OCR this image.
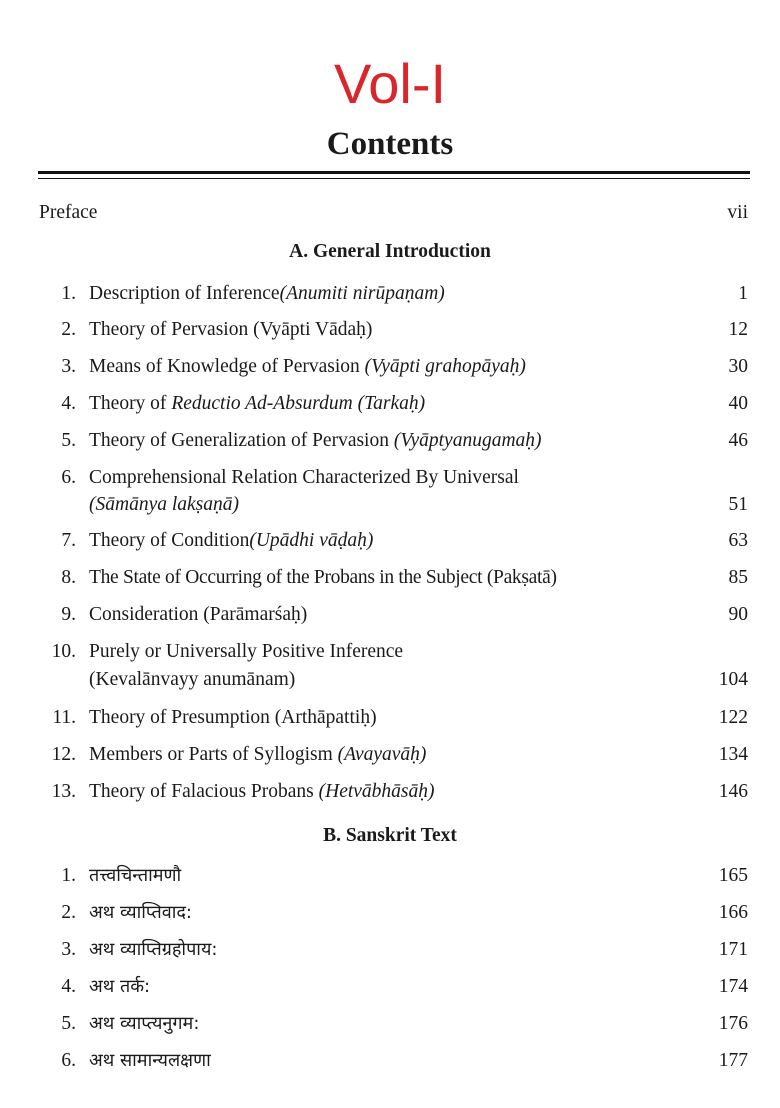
Vol-I
Contents
Preface	vii
A. General Introduction
1. Description of Inference(Anumiti nirūpaṇam)	1
2. Theory of Pervasion (Vyāpti Vādaḥ)	12
3. Means of Knowledge of Pervasion (Vyāpti grahopāyaḥ)	30
4. Theory of Reductio Ad-Absurdum (Tarkaḥ)	40
5. Theory of Generalization of Pervasion (Vyāptyanugamaḥ)	46
6. Comprehensional Relation Characterized By Universal
(Sāmānya lakṣaṇā)	51
7. Theory of Condition(Upādhi vāḍaḥ)	63
8. The State of Occurring of the Probans in the Subject (Pakṣatā)	85
9. Consideration (Parāmarśaḥ)	90
10. Purely or Universally Positive Inference
(Kevalānvayy anumānam)	104
11. Theory of Presumption (Arthāpattiḥ)	122
12. Members or Parts of Syllogism (Avayavāḥ)	134
13. Theory of Falacious Probans (Hetvābhāsāḥ)	146
B. Sanskrit Text
1. तत्त्वचिन्तामणौ	165
2. अथ व्याप्तिवाद:	166
3. अथ व्याप्तिग्रहोपाय:	171
4. अथ तर्क:	174
5. अथ व्याप्त्यनुगम:	176
6. अथ सामान्यलक्षणा	177
